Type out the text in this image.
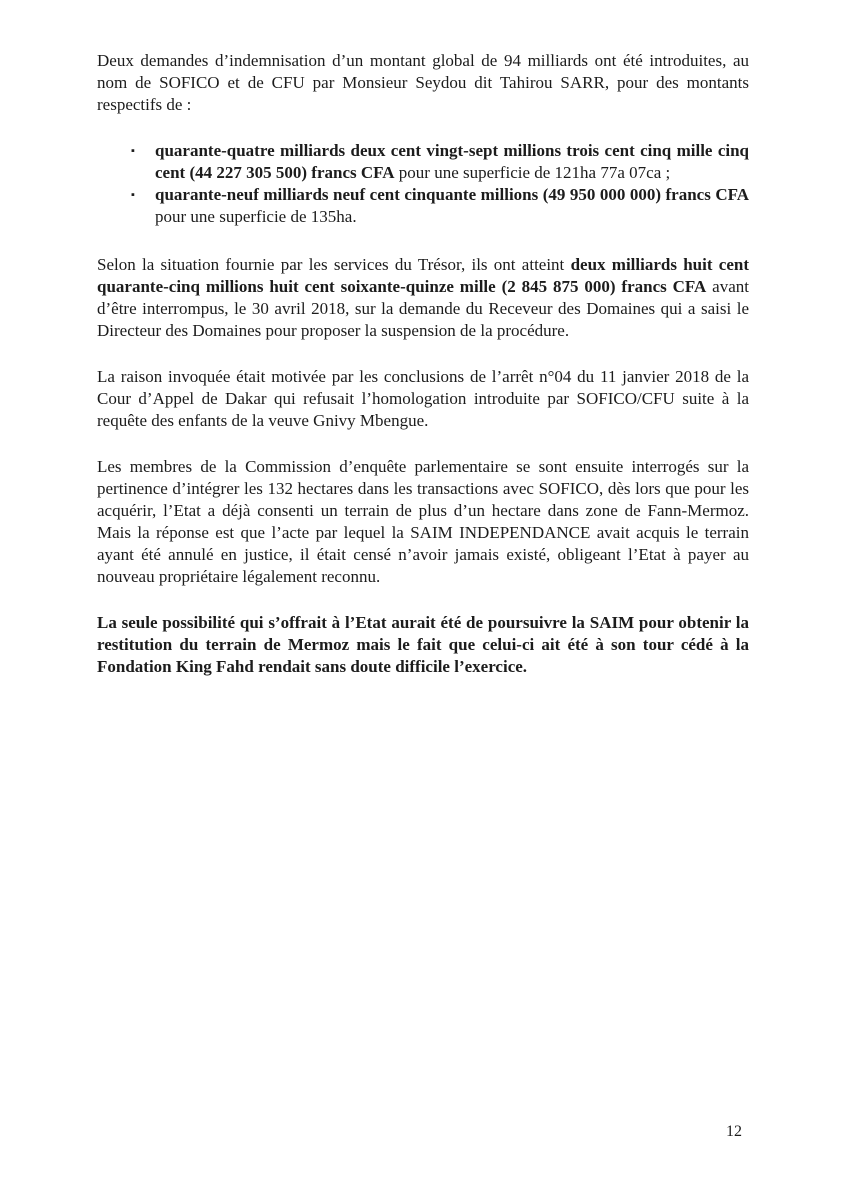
Deux demandes d’indemnisation d’un montant global de 94 milliards ont été introduites, au nom de SOFICO et de CFU par Monsieur Seydou dit Tahirou SARR, pour des montants respectifs de :

▪	quarante-quatre milliards deux cent vingt-sept millions trois cent cinq mille cinq cent (44 227 305 500) francs CFA pour une superficie de 121ha 77a 07ca ;
▪	quarante-neuf milliards neuf cent cinquante millions (49 950 000 000) francs CFA pour une superficie de 135ha.

Selon la situation fournie par les services du Trésor, ils ont atteint deux milliards huit cent quarante-cinq millions huit cent soixante-quinze mille (2 845 875 000) francs CFA avant d’être interrompus, le 30 avril 2018, sur la demande du Receveur des Domaines qui a saisi le Directeur des Domaines pour proposer la suspension de la procédure.

La raison invoquée était motivée par les conclusions de l’arrêt n°04 du 11 janvier 2018 de la Cour d’Appel de Dakar qui refusait l’homologation introduite par SOFICO/CFU suite à la requête des enfants de la veuve Gnivy Mbengue.

Les membres de la Commission d’enquête parlementaire se sont ensuite interrogés sur la pertinence d’intégrer les 132 hectares dans les transactions avec SOFICO, dès lors que pour les acquérir, l’Etat a déjà consenti un terrain de plus d’un hectare dans zone de Fann-Mermoz. Mais la réponse est que l’acte par lequel la SAIM INDEPENDANCE avait acquis le terrain ayant été annulé en justice, il était censé n’avoir jamais existé, obligeant l’Etat à payer au nouveau propriétaire légalement reconnu.

La seule possibilité qui s’offrait à l’Etat aurait été de poursuivre la SAIM pour obtenir la restitution du terrain de Mermoz mais le fait que celui-ci ait été à son tour cédé à la Fondation King Fahd rendait sans doute difficile l’exercice.

12
